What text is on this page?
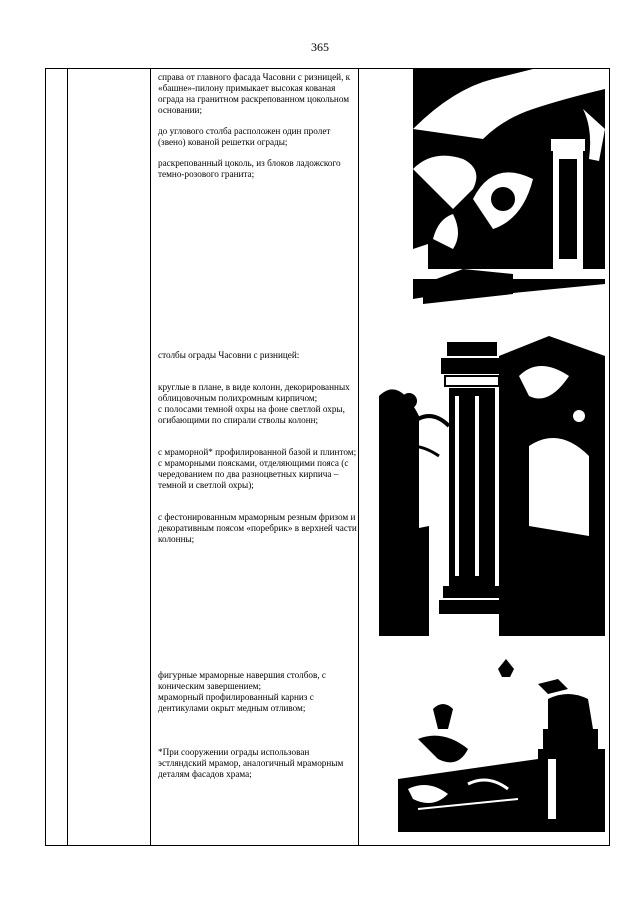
365

справа от главного фасада Часовни с ризницей, к «башне»-пилону примыкает высокая кованая ограда на гранитном раскрепованном цокольном основании;

до углового столба расположен один пролет (звено) кованой решетки ограды;

раскрепованный цоколь, из блоков ладожского темно-розового гранита;

столбы ограды Часовни с ризницей:

круглые в плане, в виде колонн, декорированных облицовочным полихромным кирпичом;
с полосами темной охры на фоне светлой охры, огибающими по спирали стволы колонн;

с мраморной* профилированной базой и плинтом;
с мраморными поясками, отделяющими пояса (с чередованием по два разноцветных кирпича – темной и светлой охры);

с фестонированным мраморным резным фризом и декоративным поясом «поребрик» в верхней части колонны;

фигурные мраморные навершия столбов, с коническим завершением;
мраморный профилированный карниз с дентикулами окрыт медным отливом;

*При сооружении ограды использован эстляндский мрамор, аналогичный мраморным деталям фасадов храма;
